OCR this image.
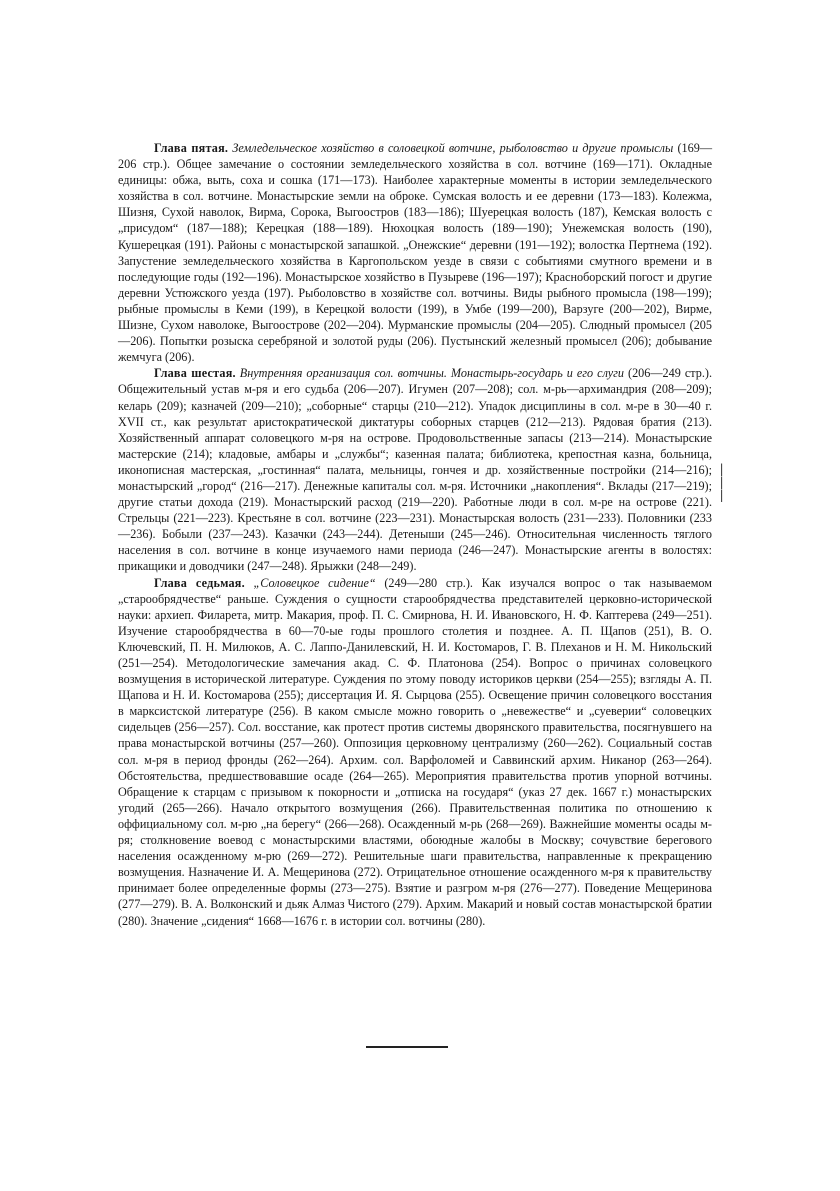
Глава пятая. Земледельческое хозяйство в соловецкой вотчине, рыболовство и другие промыслы (169—206 стр.). Общее замечание о состоянии земледельческого хозяйства в сол. вотчине (169—171). Окладные единицы: обжа, выть, соха и сошка (171—173). Наиболее характерные моменты в истории земледельческого хозяйства в сол. вотчине. Монастырские земли на оброке. Сумская волость и ее деревни (173—183). Колежма, Шизня, Сухой наволок, Вирма, Сорока, Выгоостров (183—186); Шуерецкая волость (187), Кемская волость с „присудом“ (187—188); Керецкая (188—189). Нюхоцкая волость (189—190); Унежемская волость (190), Кушерецкая (191). Районы с монастырской запашкой. „Онежские“ деревни (191—192); волостка Пертнема (192). Запустение земледельческого хозяйства в Каргопольском уезде в связи с событиями смутного времени и в последующие годы (192—196). Монастырское хозяйство в Пузыреве (196—197); Красноборский погост и другие деревни Устюжского уезда (197). Рыболовство в хозяйстве сол. вотчины. Виды рыбного промысла (198—199); рыбные промыслы в Кеми (199), в Керецкой волости (199), в Умбе (199—200), Варзуге (200—202), Вирме, Шизне, Сухом наволоке, Выгоострове (202—204). Мурманские промыслы (204—205). Слюдный промысел (205—206). Попытки розыска серебряной и золотой руды (206). Пустынский железный промысел (206); добывание жемчуга (206).

Глава шестая. Внутренняя организация сол. вотчины. Монастырь-государь и его слуги (206—249 стр.). Общежительный устав м-ря и его судьба (206—207). Игумен (207—208); сол. м-рь—архимандрия (208—209); келарь (209); казначей (209—210); „соборные“ старцы (210—212). Упадок дисциплины в сол. м-ре в 30—40 г. XVII ст., как результат аристократической диктатуры соборных старцев (212—213). Рядовая братия (213). Хозяйственный аппарат соловецкого м-ря на острове. Продовольственные запасы (213—214). Монастырские мастерские (214); кладовые, амбары и „службы“; казенная палата; библиотека, крепостная казна, больница, иконописная мастерская, „гостинная“ палата, мельницы, гончея и др. хозяйственные постройки (214—216); монастырский „город“ (216—217). Денежные капиталы сол. м-ря. Источники „накопления“. Вклады (217—219); другие статьи дохода (219). Монастырский расход (219—220). Работные люди в сол. м-ре на острове (221). Стрельцы (221—223). Крестьяне в сол. вотчине (223—231). Монастырская волость (231—233). Половники (233—236). Бобыли (237—243). Казачки (243—244). Детеныши (245—246). Относительная численность тяглого населения в сол. вотчине в конце изучаемого нами периода (246—247). Монастырские агенты в волостях: прикащики и доводчики (247—248). Ярыжки (248—249).

Глава седьмая. „Соловецкое сидение“ (249—280 стр.). Как изучался вопрос о так называемом „старообрядчестве“ раньше. Суждения о сущности старообрядчества представителей церковно-исторической науки: архиеп. Филарета, митр. Макария, проф. П. С. Смирнова, Н. И. Ивановского, Н. Ф. Каптерева (249—251). Изучение старообрядчества в 60—70-ые годы прошлого столетия и позднее. А. П. Щапов (251), В. О. Ключевский, П. Н. Милюков, А. С. Лаппо-Данилевский, Н. И. Костомаров, Г. В. Плеханов и Н. М. Никольский (251—254). Методологические замечания акад. С. Ф. Платонова (254). Вопрос о причинах соловецкого возмущения в исторической литературе. Суждения по этому поводу историков церкви (254—255); взгляды А. П. Щапова и Н. И. Костомарова (255); диссертация И. Я. Сырцова (255). Освещение причин соловецкого восстания в марксистской литературе (256). В каком смысле можно говорить о „невежестве“ и „суеверии“ соловецких сидельцев (256—257). Сол. восстание, как протест против системы дворянского правительства, посягнувшего на права монастырской вотчины (257—260). Оппозиция церковному централизму (260—262). Социальный состав сол. м-ря в период фронды (262—264). Архим. сол. Варфоломей и Саввинский архим. Никанор (263—264). Обстоятельства, предшествовавшие осаде (264—265). Мероприятия правительства против упорной вотчины. Обращение к старцам с призывом к покорности и „отписка на государя“ (указ 27 дек. 1667 г.) монастырских угодий (265—266). Начало открытого возмущения (266). Правительственная политика по отношению к оффициальному сол. м-рю „на берегу“ (266—268). Осажденный м-рь (268—269). Важнейшие моменты осады м-ря; столкновение воевод с монастырскими властями, обоюдные жалобы в Москву; сочувствие берегового населения осажденному м-рю (269—272). Решительные шаги правительства, направленные к прекращению возмущения. Назначение И. А. Мещеринова (272). Отрицательное отношение осажденного м-ря к правительству принимает более определенные формы (273—275). Взятие и разгром м-ря (276—277). Поведение Мещеринова (277—279). В. А. Волконский и дьяк Алмаз Чистого (279). Архим. Макарий и новый состав монастырской братии (280). Значение „сидения“ 1668—1676 г. в истории сол. вотчины (280).

|
|
|
